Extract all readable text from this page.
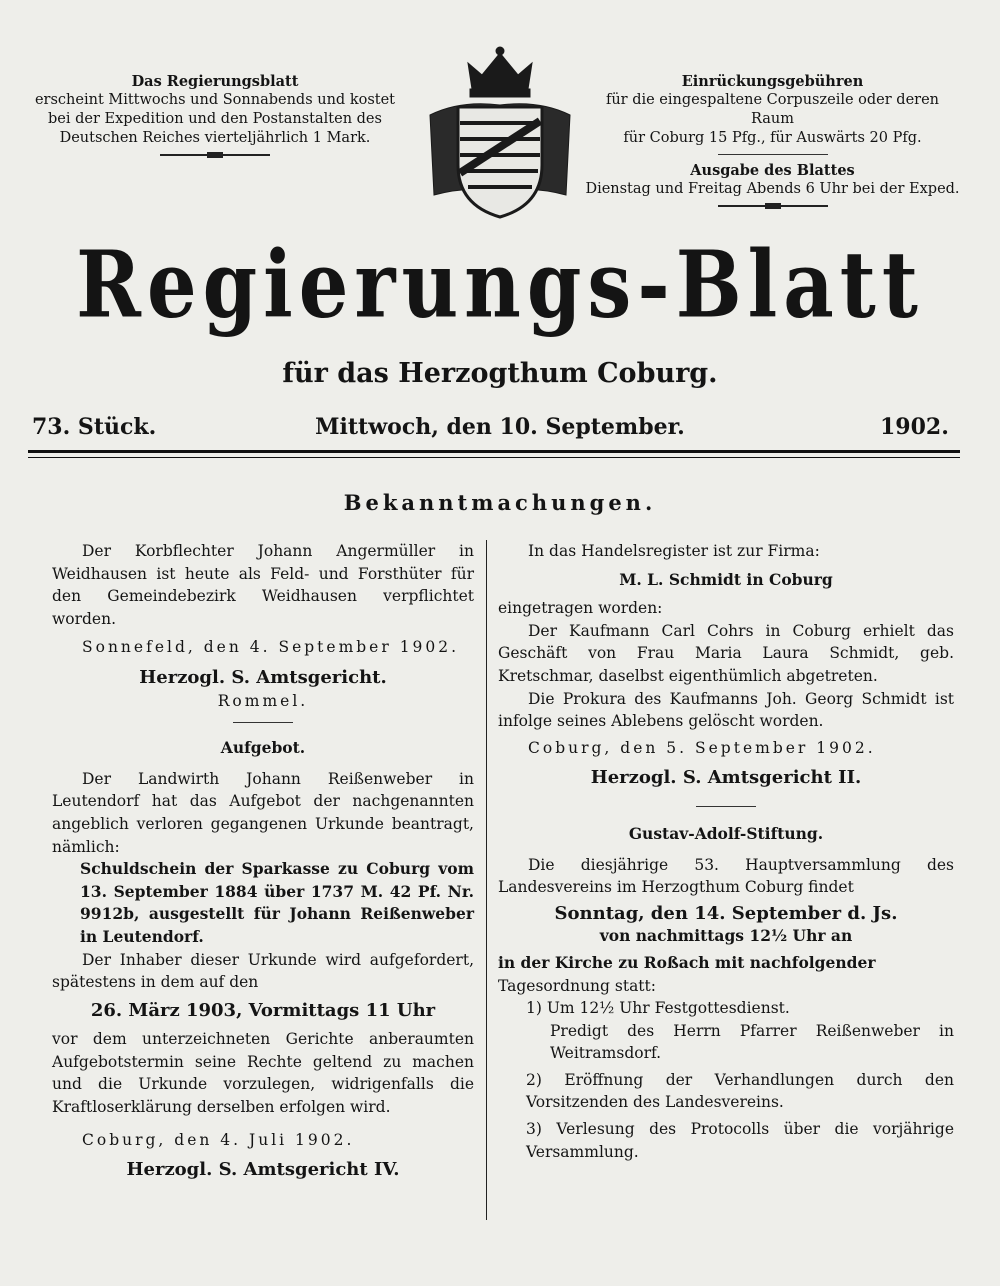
Das Regierungsblatt
erscheint Mittwochs und Sonnabends und kostet
bei der Expedition und den Postanstalten des
Deutschen Reiches vierteljährlich 1 Mark.
Einrückungsgebühren
für die eingespaltene Corpuszeile oder deren Raum
für Coburg 15 Pfg., für Auswärts 20 Pfg.
Ausgabe des Blattes
Dienstag und Freitag Abends 6 Uhr bei der Exped.
Regierungs-Blatt
für das Herzogthum Coburg.
73. Stück.	Mittwoch, den 10. September.	1902.
Bekanntmachungen.

Der Korbflechter Johann Angermüller in Weidhausen ist heute als Feld- und Forsthüter für den Gemeindebezirk Weidhausen verpflichtet worden.

Sonnefeld, den 4. September 1902.

Herzogl. S. Amtsgericht.

Rommel.

Aufgebot.

Der Landwirth Johann Reißenweber in Leutendorf hat das Aufgebot der nachgenannten angeblich verloren gegangenen Urkunde beantragt, nämlich:

Schuldschein der Sparkasse zu Coburg vom 13. September 1884 über 1737 M. 42 Pf. Nr. 9912b, ausgestellt für Johann Reißenweber in Leutendorf.

Der Inhaber dieser Urkunde wird aufgefordert, spätestens in dem auf den

26. März 1903, Vormittags 11 Uhr

vor dem unterzeichneten Gerichte anberaumten Aufgebotstermin seine Rechte geltend zu machen und die Urkunde vorzulegen, widrigenfalls die Kraftloserklärung derselben erfolgen wird.

Coburg, den 4. Juli 1902.

Herzogl. S. Amtsgericht IV.

In das Handelsregister ist zur Firma:

M. L. Schmidt in Coburg

eingetragen worden:

Der Kaufmann Carl Cohrs in Coburg erhielt das Geschäft von Frau Maria Laura Schmidt, geb. Kretschmar, daselbst eigenthümlich abgetreten.

Die Prokura des Kaufmanns Joh. Georg Schmidt ist infolge seines Ablebens gelöscht worden.

Coburg, den 5. September 1902.

Herzogl. S. Amtsgericht II.

Gustav-Adolf-Stiftung.

Die diesjährige 53. Hauptversammlung des Landesvereins im Herzogthum Coburg findet

Sonntag, den 14. September d. Js.

von nachmittags 12½ Uhr an

in der Kirche zu Roßach mit nachfolgender

Tagesordnung statt:

1) Um 12½ Uhr Festgottesdienst.

Predigt des Herrn Pfarrer Reißenweber in Weitramsdorf.

2) Eröffnung der Verhandlungen durch den Vorsitzenden des Landesvereins.

3) Verlesung des Protocolls über die vorjährige Versammlung.
